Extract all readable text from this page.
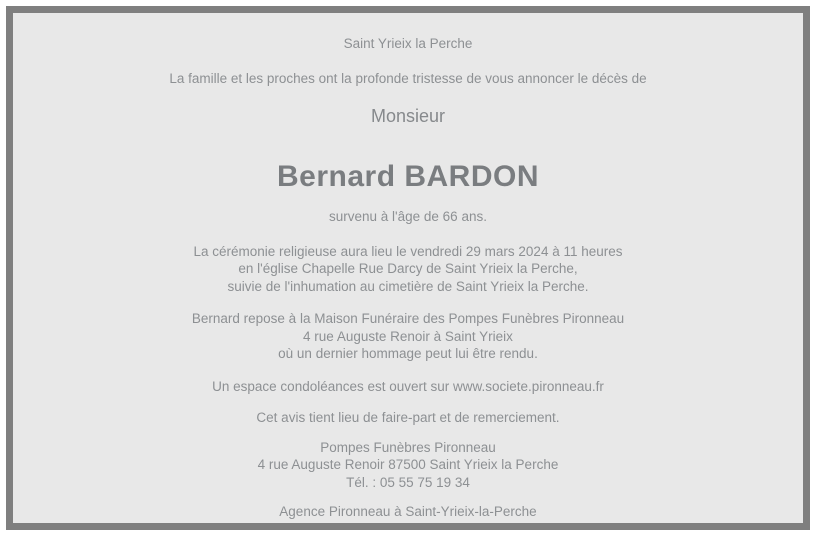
Saint Yrieix la Perche

La famille et les proches ont la profonde tristesse de vous annoncer le décès de

Monsieur

Bernard BARDON

survenu à l'âge de 66 ans.

La cérémonie religieuse aura lieu le vendredi 29 mars 2024 à 11 heures
en l'église Chapelle Rue Darcy de Saint Yrieix la Perche,
suivie de l'inhumation au cimetière de Saint Yrieix la Perche.

Bernard repose à la Maison Funéraire des Pompes Funèbres Pironneau
4 rue Auguste Renoir à Saint Yrieix
où un dernier hommage peut lui être rendu.

Un espace condoléances est ouvert sur www.societe.pironneau.fr

Cet avis tient lieu de faire-part et de remerciement.

Pompes Funèbres Pironneau
4 rue Auguste Renoir 87500 Saint Yrieix la Perche
Tél. : 05 55 75 19 34

Agence Pironneau à Saint-Yrieix-la-Perche
